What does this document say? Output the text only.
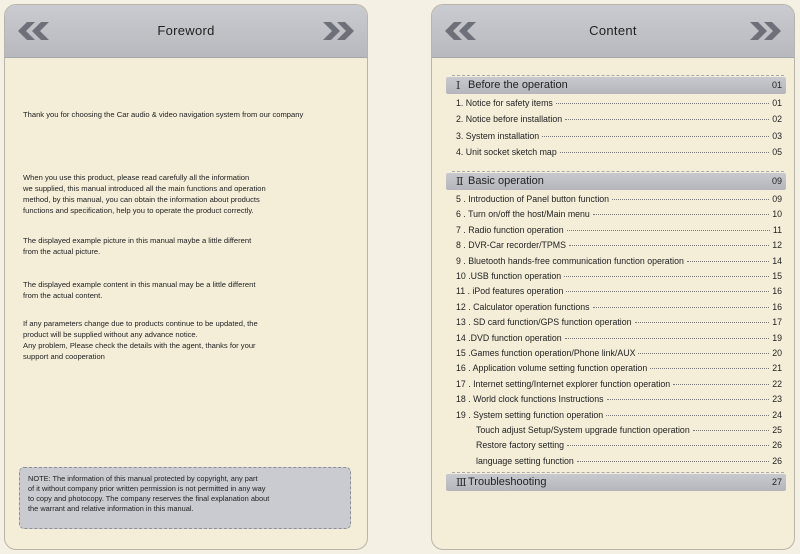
Foreword
Thank you for choosing the Car audio & video navigation system from our company
When you use this product, please read carefully all the information
we supplied, this manual introduced all the main functions and operation
method, by this manual, you can obtain the information about products
functions and specification, help you to operate the product correctly.
The displayed example picture in this manual maybe a little different
from the actual picture.
The displayed example content in this manual may be a little different
from the actual content.
If any parameters change due to products continue to be updated, the
product will be supplied without any advance notice.
Any problem, Please check the details with the agent, thanks for your
support and cooperation
NOTE: The information of this manual protected by copyright, any part
of it without company prior written permission is not permitted in any way
to copy and photocopy. The company reserves the final explanation about
the warrant and relative information in this manual.
Content
Ⅰ Before the operation	01
1. Notice for safety items	01
2. Notice before installation	02
3. System installation	03
4. Unit socket sketch map	05
Ⅱ Basic operation	09
5 . Introduction of Panel button function	09
6 . Turn on/off the host/Main menu	10
7 . Radio function operation	11
8 . DVR-Car recorder/TPMS	12
9 . Bluetooth hands-free communication function operation	14
10 .USB function operation	15
11 . iPod features operation	16
12 . Calculator operation functions	16
13 . SD card function/GPS function operation	17
14 .DVD function operation	19
15 .Games function operation/Phone link/AUX	20
16 . Application volume setting function operation	21
17 . Internet setting/Internet explorer function operation	22
18 . World clock functions Instructions	23
19 . System setting function operation	24
Touch adjust Setup/System upgrade function operation	25
Restore factory setting	26
language setting function	26
Ⅲ Troubleshooting	27
